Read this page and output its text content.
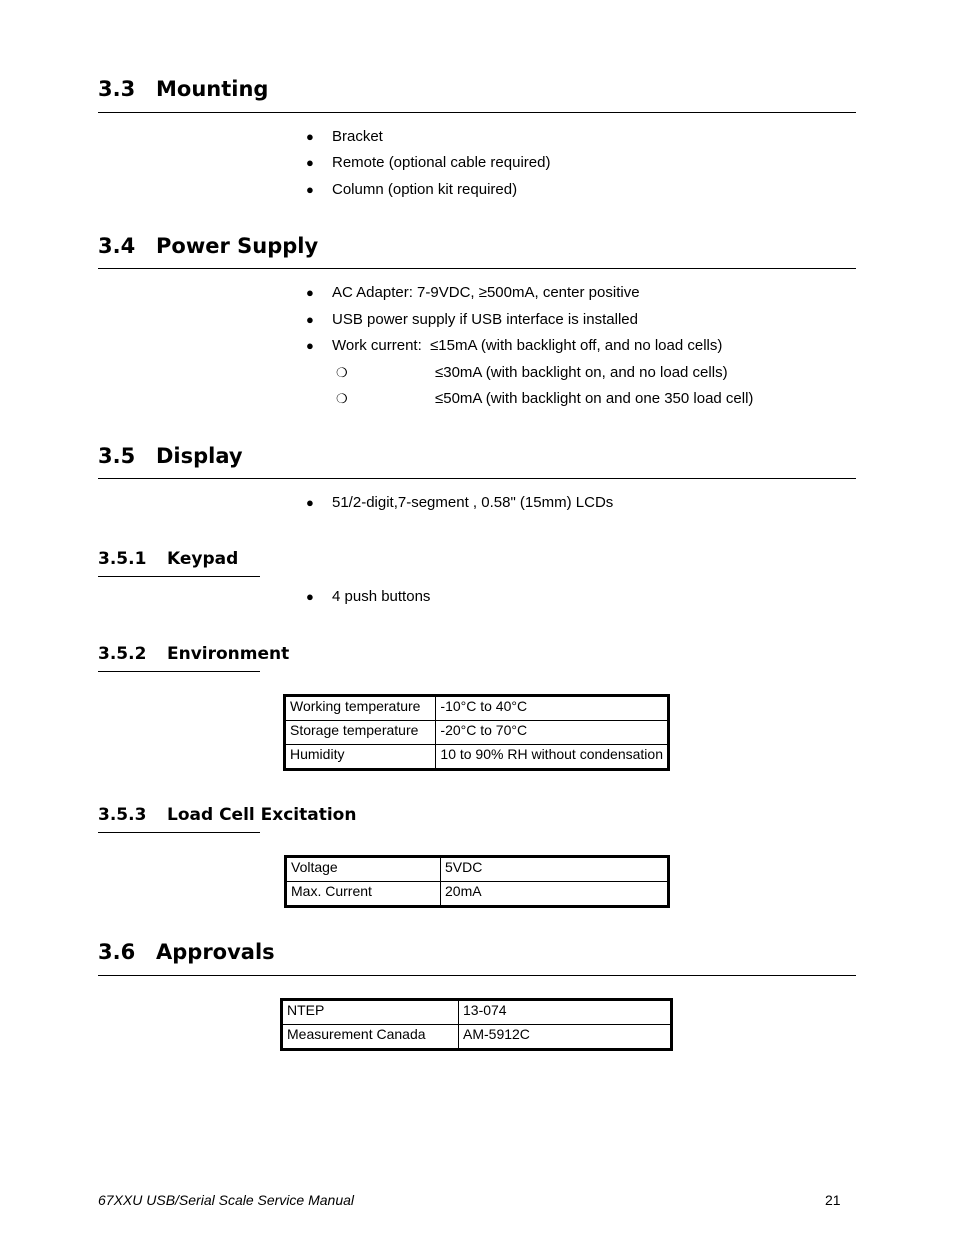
3.3 Mounting
● Bracket
● Remote (optional cable required)
● Column (option kit required)
3.4 Power Supply
● AC Adapter: 7-9VDC, ≥500mA, center positive
● USB power supply if USB interface is installed
● Work current:  ≤15mA (with backlight off, and no load cells)
❍	≤30mA (with backlight on, and no load cells)
❍	≤50mA (with backlight on and one 350 load cell)
3.5 Display
● 51/2-digit,7-segment , 0.58" (15mm) LCDs
3.5.1 Keypad
● 4 push buttons
3.5.2 Environment
Working temperature	-10°C to 40°C
Storage temperature	-20°C to 70°C
Humidity	10 to 90% RH without condensation
3.5.3 Load Cell Excitation
Voltage	5VDC
Max. Current	20mA
3.6 Approvals
NTEP	13-074
Measurement Canada	AM-5912C
67XXU USB/Serial Scale Service Manual	21
